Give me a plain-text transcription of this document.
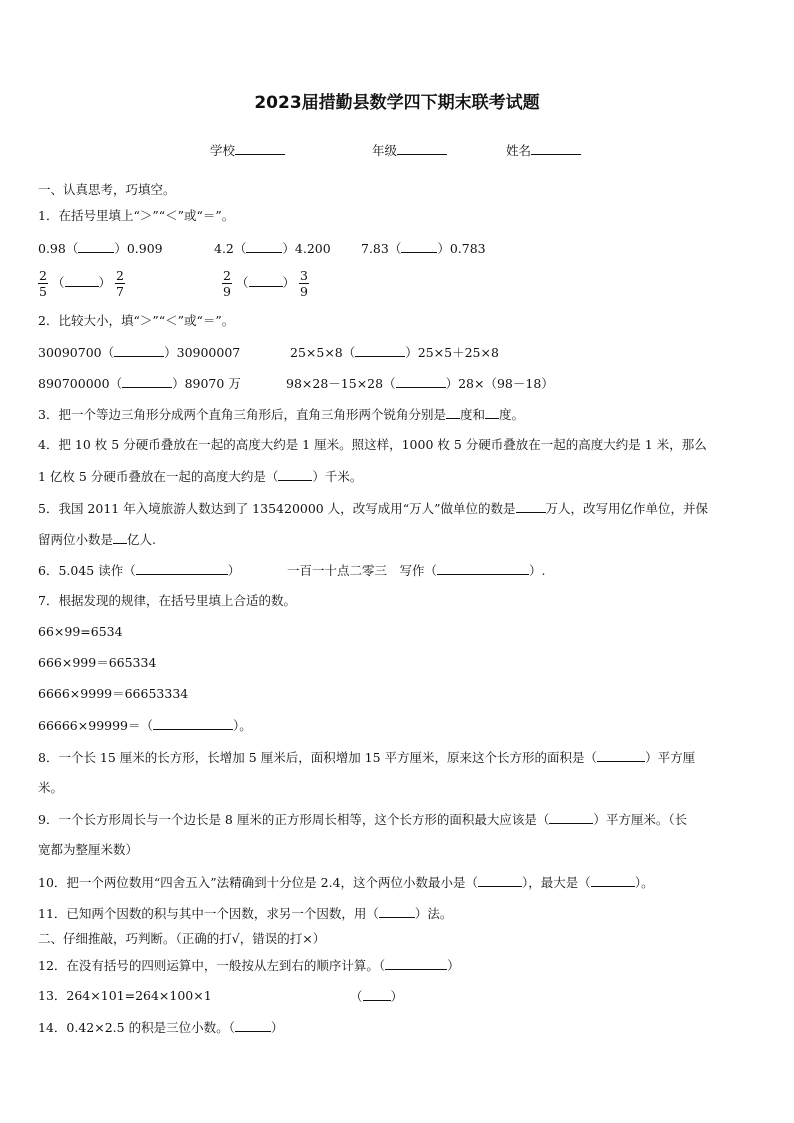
2023届措勤县数学四下期末联考试题
学校	年级	姓名
一、认真思考，巧填空。
1．在括号里填上“＞”“＜”或“＝”。
0.98（	）0.909	4.2（	）4.200 7.83（	）0.783
$\frac{2}{5}$ （	） $\frac{2}{7}$	$\frac{2}{9}$ （	） $\frac{3}{9}$
2．比较大小，填“＞”“＜”或“＝”。
30090700（	）30900007	25×5×8（	）25×5＋25×8
890700000（	）89070 万	98×28－15×28（	）28×（98－18）
3．把一个等边三角形分成两个直角三角形后，直角三角形两个锐角分别是 度和 度。
4．把 10 枚 5 分硬币叠放在一起的高度大约是 1 厘米。照这样，1000 枚 5 分硬币叠放在一起的高度大约是 1 米，那么
1 亿枚 5 分硬币叠放在一起的高度大约是（	）千米。
5．我国 2011 年入境旅游人数达到了 135420000 人，改写成用“万人”做单位的数是 万人，改写用亿作单位，并保
留两位小数是 亿人.
6．5.045 读作（	）	一百一十点二零三　写作（	）.
7．根据发现的规律，在括号里填上合适的数。
66×99=6534
666×999＝665334
6666×9999＝66653334
66666×99999＝（	）。
8．一个长 15 厘米的长方形，长增加 5 厘米后，面积增加 15 平方厘米，原来这个长方形的面积是（	）平方厘
米。
9．一个长方形周长与一个边长是 8 厘米的正方形周长相等，这个长方形的面积最大应该是（	）平方厘米。（长
宽都为整厘米数）
10．把一个两位数用“四舍五入”法精确到十分位是 2.4，这个两位小数最小是（	），最大是（	）。
11．已知两个因数的积与其中一个因数，求另一个因数，用（	）法。
二、仔细推敲，巧判断。（正确的打√，错误的打×）
12．在没有括号的四则运算中，一般按从左到右的顺序计算。（	）
13．264×101=264×100×1	（ ）
14．0.42×2.5 的积是三位小数。（	）
